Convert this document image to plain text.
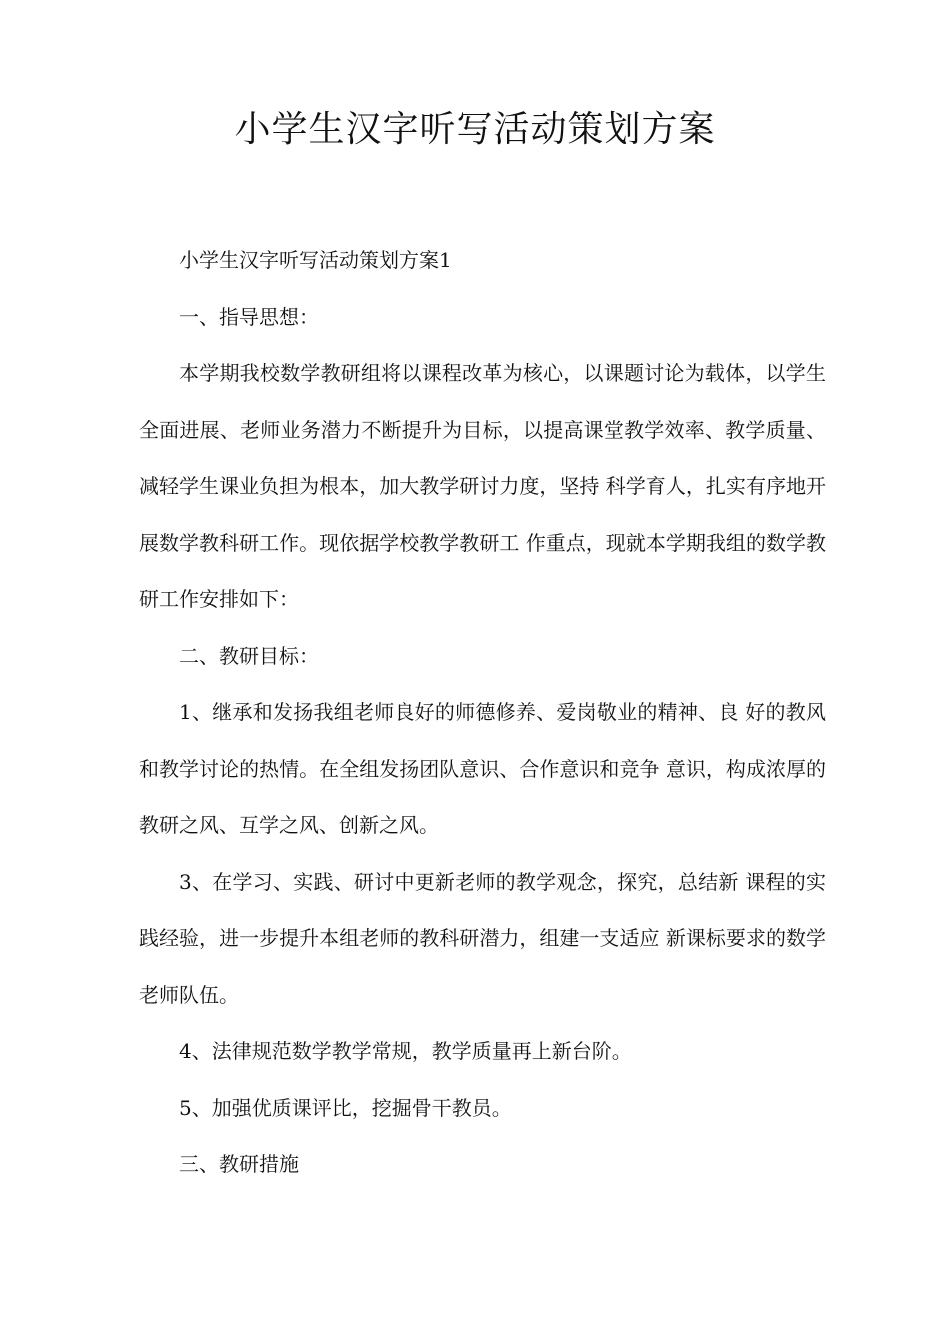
小学生汉字听写活动策划方案

小学生汉字听写活动策划方案1

一、指导思想：

本学期我校数学教研组将以课程改革为核心，以课题讨论为载体，以学生全面进展、老师业务潜力不断提升为目标，以提高课堂教学效率、教学质量、减轻学生课业负担为根本，加大教学研讨力度，坚持 科学育人，扎实有序地开展数学教科研工作。现依据学校教学教研工 作重点，现就本学期我组的数学教研工作安排如下：

二、教研目标：

1、继承和发扬我组老师良好的师德修养、爱岗敬业的精神、良 好的教风和教学讨论的热情。在全组发扬团队意识、合作意识和竞争 意识，构成浓厚的教研之风、互学之风、创新之风。

3、在学习、实践、研讨中更新老师的教学观念，探究，总结新 课程的实践经验，进一步提升本组老师的教科研潜力，组建一支适应 新课标要求的数学老师队伍。

4、法律规范数学教学常规，教学质量再上新台阶。

5、加强优质课评比，挖掘骨干教员。

三、教研措施
